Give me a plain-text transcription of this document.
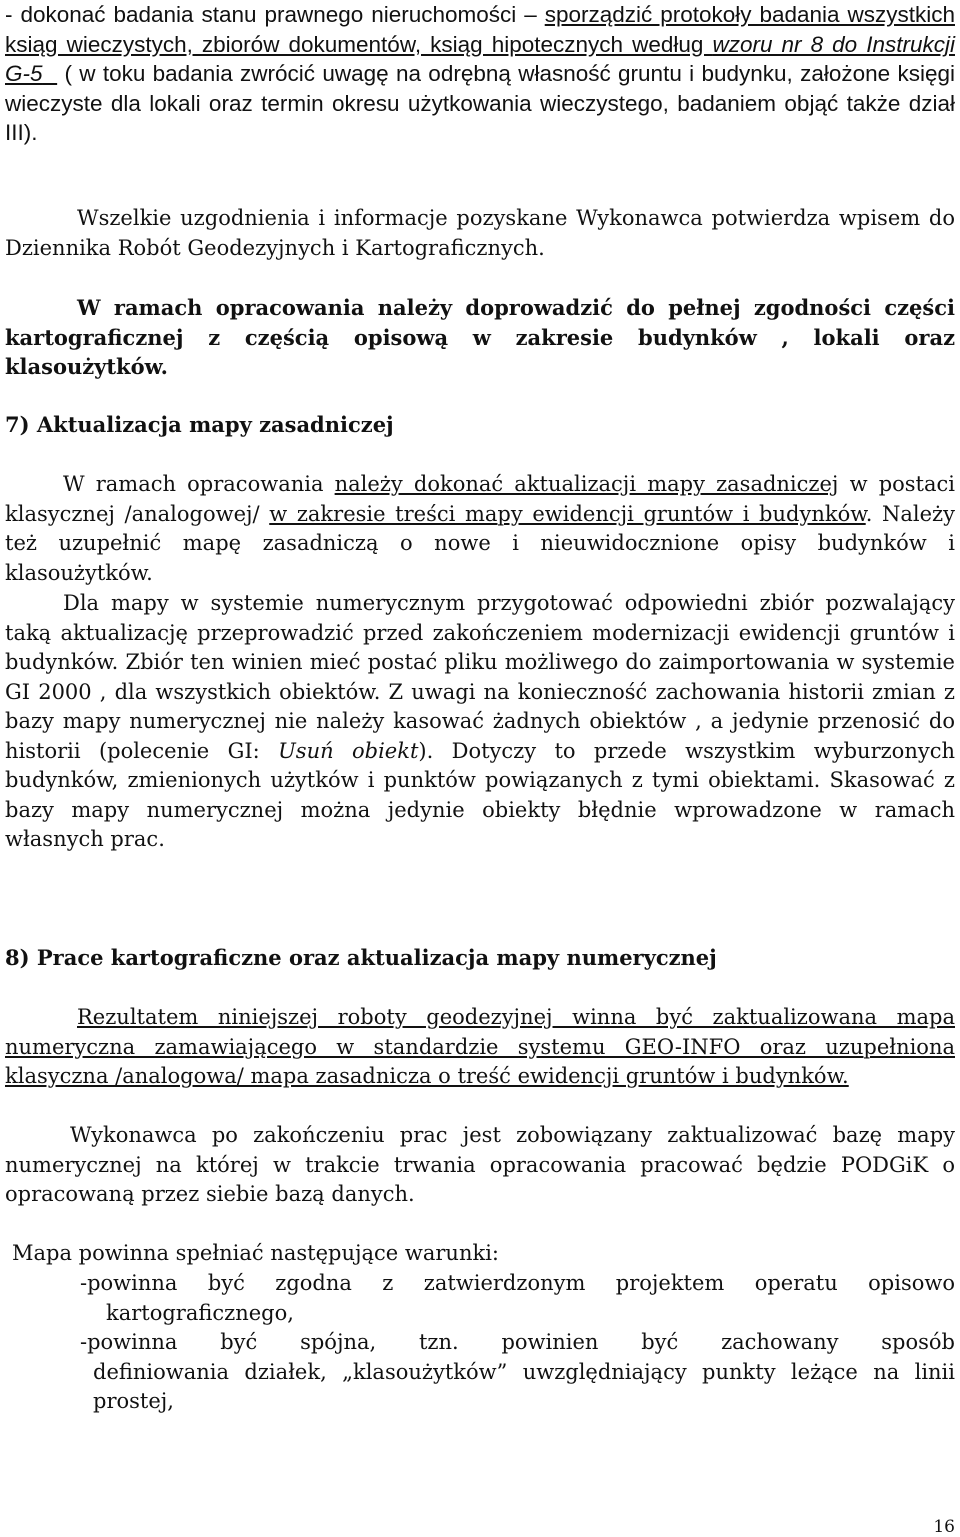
- dokonać badania stanu prawnego nieruchomości – sporządzić protokoły badania wszystkich ksiąg wieczystych, zbiorów dokumentów, ksiąg hipotecznych według wzoru nr 8 do Instrukcji G-5   ( w toku badania zwrócić uwagę na odrębną własność gruntu i budynku, założone księgi wieczyste dla lokali oraz termin okresu użytkowania wieczystego, badaniem objąć także dział III).

Wszelkie uzgodnienia i informacje pozyskane Wykonawca potwierdza wpisem do Dziennika Robót Geodezyjnych i Kartograficznych.

W ramach opracowania należy doprowadzić do pełnej zgodności części kartograficznej z częścią opisową w zakresie budynków , lokali oraz klasoużytków.

7) Aktualizacja mapy zasadniczej

W ramach opracowania należy dokonać aktualizacji mapy zasadniczej w postaci klasycznej /analogowej/ w zakresie treści mapy ewidencji gruntów i budynków. Należy też uzupełnić mapę zasadniczą o nowe i nieuwidocznione opisy budynków i klasoużytków.

Dla mapy w systemie numerycznym przygotować odpowiedni zbiór pozwalający taką aktualizację przeprowadzić przed zakończeniem modernizacji ewidencji gruntów i budynków. Zbiór ten winien mieć postać pliku możliwego do zaimportowania w systemie GI 2000 , dla wszystkich obiektów. Z uwagi na konieczność zachowania historii zmian z bazy mapy numerycznej nie należy kasować żadnych obiektów , a jedynie przenosić do historii (polecenie GI: Usuń obiekt). Dotyczy to przede wszystkim wyburzonych budynków, zmienionych użytków i punktów powiązanych z tymi obiektami. Skasować z bazy mapy numerycznej można jedynie obiekty błędnie wprowadzone w ramach własnych prac.

8) Prace kartograficzne oraz aktualizacja mapy numerycznej

Rezultatem niniejszej roboty geodezyjnej winna być zaktualizowana mapa numeryczna zamawiającego w standardzie systemu GEO-INFO oraz uzupełniona klasyczna /analogowa/ mapa zasadnicza o treść ewidencji gruntów i budynków.

Wykonawca po zakończeniu prac jest zobowiązany zaktualizować bazę mapy numerycznej na której w trakcie trwania opracowania pracować będzie PODGiK o opracowaną przez siebie bazą danych.

Mapa powinna spełniać następujące warunki:

-powinna być zgodna z zatwierdzonym projektem operatu opisowo

kartograficznego,

-powinna być spójna, tzn. powinien być zachowany sposób

definiowania działek, „klasoużytków” uwzględniający punkty leżące na linii prostej,

16
